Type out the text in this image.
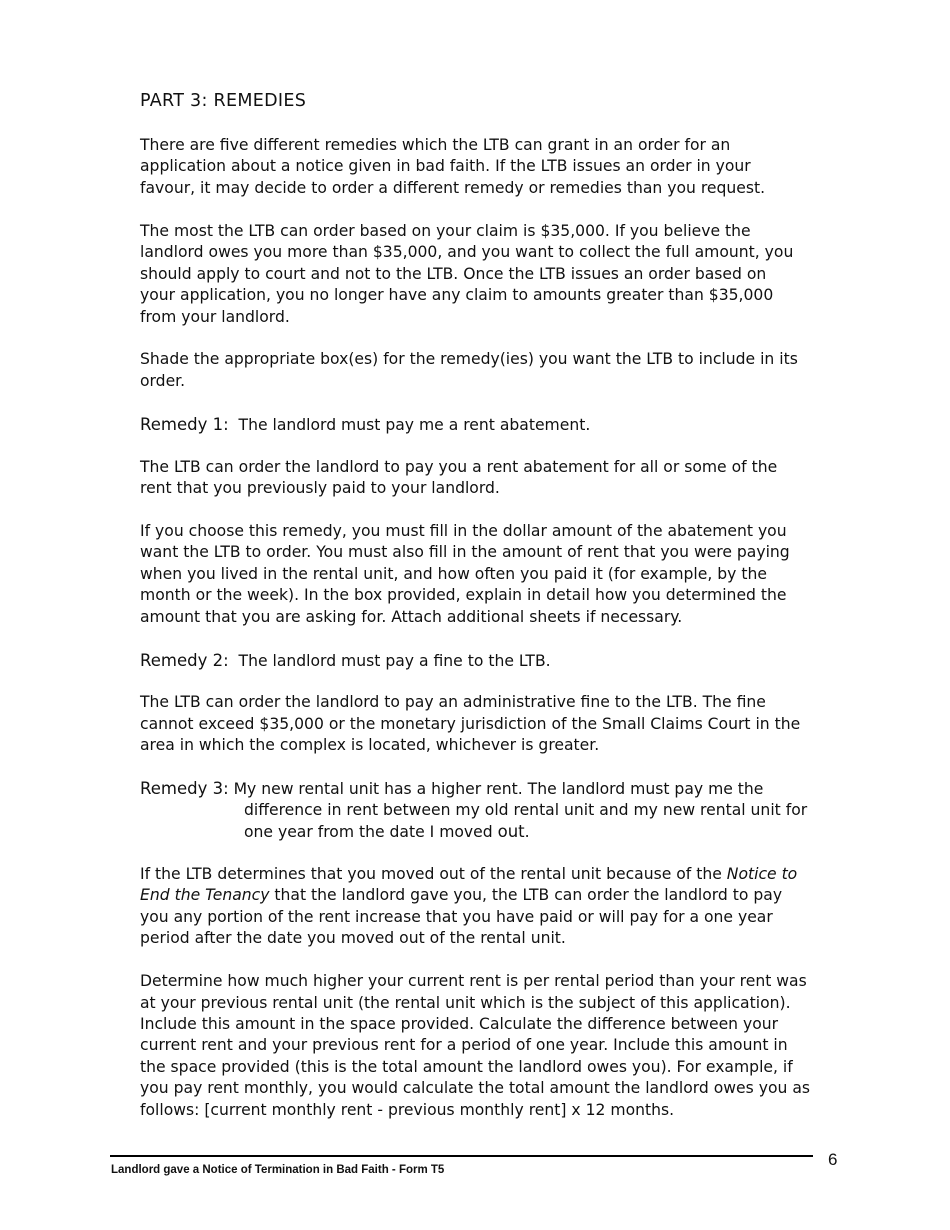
PART 3: REMEDIES
There are five different remedies which the LTB can grant in an order for an
application about a notice given in bad faith. If the LTB issues an order in your
favour, it may decide to order a different remedy or remedies than you request.
The most the LTB can order based on your claim is $35,000. If you believe the
landlord owes you more than $35,000, and you want to collect the full amount, you
should apply to court and not to the LTB. Once the LTB issues an order based on
your application, you no longer have any claim to amounts greater than $35,000
from your landlord.
Shade the appropriate box(es) for the remedy(ies) you want the LTB to include in its
order.
Remedy 1:  The landlord must pay me a rent abatement.
The LTB can order the landlord to pay you a rent abatement for all or some of the
rent that you previously paid to your landlord.
If you choose this remedy, you must fill in the dollar amount of the abatement you
want the LTB to order. You must also fill in the amount of rent that you were paying
when you lived in the rental unit, and how often you paid it (for example, by the
month or the week). In the box provided, explain in detail how you determined the
amount that you are asking for. Attach additional sheets if necessary.
Remedy 2:  The landlord must pay a fine to the LTB.
The LTB can order the landlord to pay an administrative fine to the LTB. The fine
cannot exceed $35,000 or the monetary jurisdiction of the Small Claims Court in the
area in which the complex is located, whichever is greater.
Remedy 3: My new rental unit has a higher rent. The landlord must pay me the
difference in rent between my old rental unit and my new rental unit for
one year from the date I moved out.
If the LTB determines that you moved out of the rental unit because of the Notice to
End the Tenancy that the landlord gave you, the LTB can order the landlord to pay
you any portion of the rent increase that you have paid or will pay for a one year
period after the date you moved out of the rental unit.
Determine how much higher your current rent is per rental period than your rent was
at your previous rental unit (the rental unit which is the subject of this application).
Include this amount in the space provided. Calculate the difference between your
current rent and your previous rent for a period of one year. Include this amount in
the space provided (this is the total amount the landlord owes you). For example, if
you pay rent monthly, you would calculate the total amount the landlord owes you as
follows: [current monthly rent - previous monthly rent] x 12 months.
6
Landlord gave a Notice of Termination in Bad Faith - Form T5
